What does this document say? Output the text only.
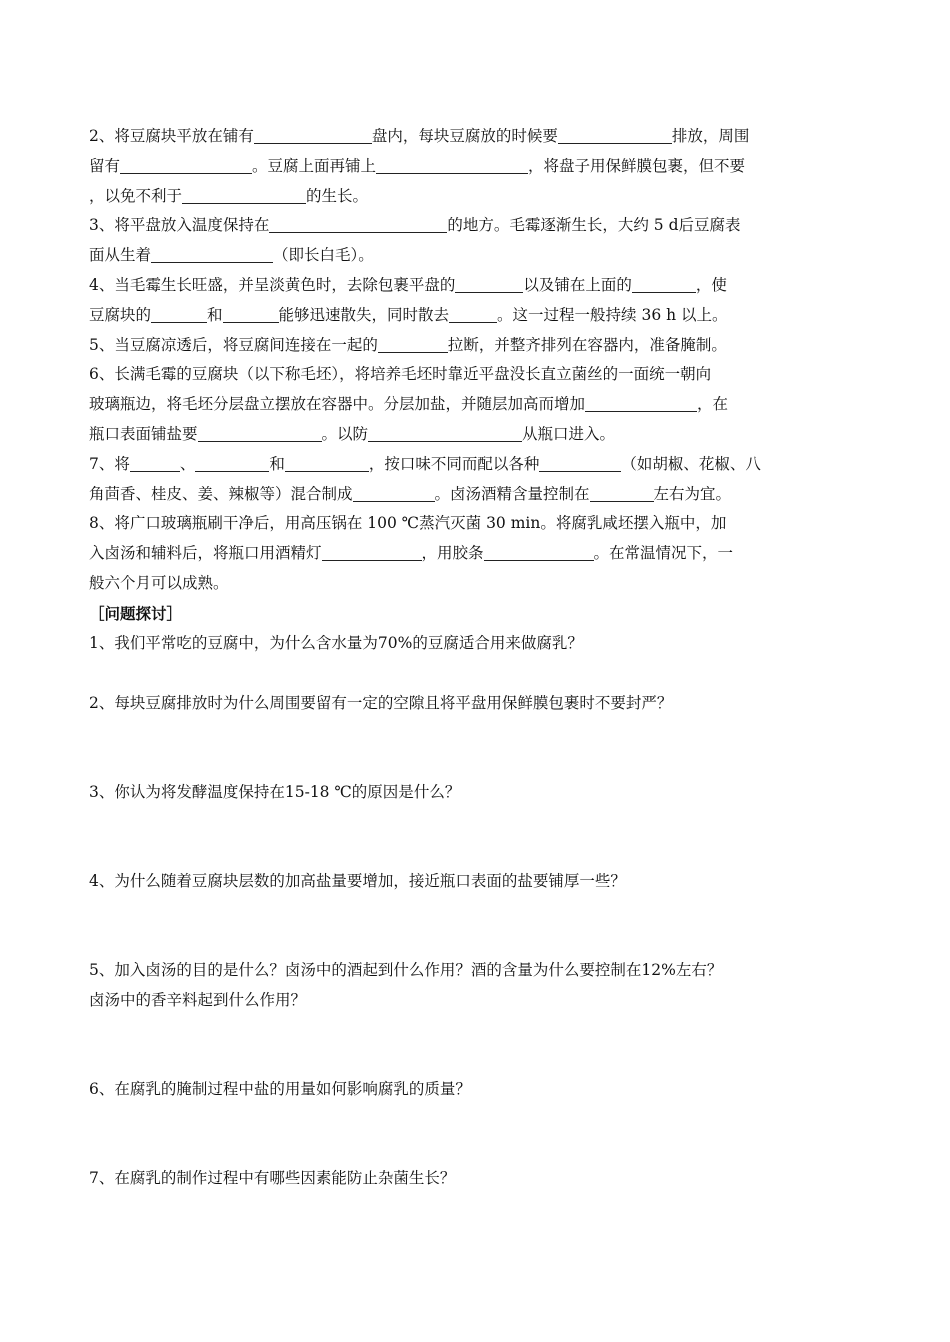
2、将豆腐块平放在铺有	盘内，每块豆腐放的时候要	排放，周围
留有	。豆腐上面再铺上	，将盘子用保鲜膜包裹，但不要
，以免不利于	的生长。
3、将平盘放入温度保持在	的地方。毛霉逐渐生长，大约 5 d后豆腐表
面从生着	（即长白毛）。
4、当毛霉生长旺盛，并呈淡黄色时，去除包裹平盘的	以及铺在上面的	，使
豆腐块的	和	能够迅速散失，同时散去	。这一过程一般持续 36 h 以上。
5、当豆腐凉透后，将豆腐间连接在一起的	拉断，并整齐排列在容器内，准备腌制。
6、长满毛霉的豆腐块（以下称毛坯），将培养毛坯时靠近平盘没长直立菌丝的一面统一朝向
玻璃瓶边，将毛坯分层盘立摆放在容器中。分层加盐，并随层加高而增加	，在
瓶口表面铺盐要	。以防	从瓶口进入。
7、将	、	和	，按口味不同而配以各种	（如胡椒、花椒、八
角茴香、桂皮、姜、辣椒等）混合制成	。卤汤酒精含量控制在	左右为宜。
8、将广口玻璃瓶刷干净后，用高压锅在 100 ℃蒸汽灭菌 30 min。将腐乳咸坯摆入瓶中，加
入卤汤和辅料后，将瓶口用酒精灯	，用胶条	。在常温情况下，一
般六个月可以成熟。
［问题探讨］
1、我们平常吃的豆腐中，为什么含水量为70%的豆腐适合用来做腐乳？
2、每块豆腐排放时为什么周围要留有一定的空隙且将平盘用保鲜膜包裹时不要封严？
3、你认为将发酵温度保持在15-18 ℃的原因是什么？
4、为什么随着豆腐块层数的加高盐量要增加，接近瓶口表面的盐要铺厚一些？
5、加入卤汤的目的是什么？卤汤中的酒起到什么作用？酒的含量为什么要控制在12%左右？
卤汤中的香辛料起到什么作用？
6、在腐乳的腌制过程中盐的用量如何影响腐乳的质量？
7、在腐乳的制作过程中有哪些因素能防止杂菌生长？
